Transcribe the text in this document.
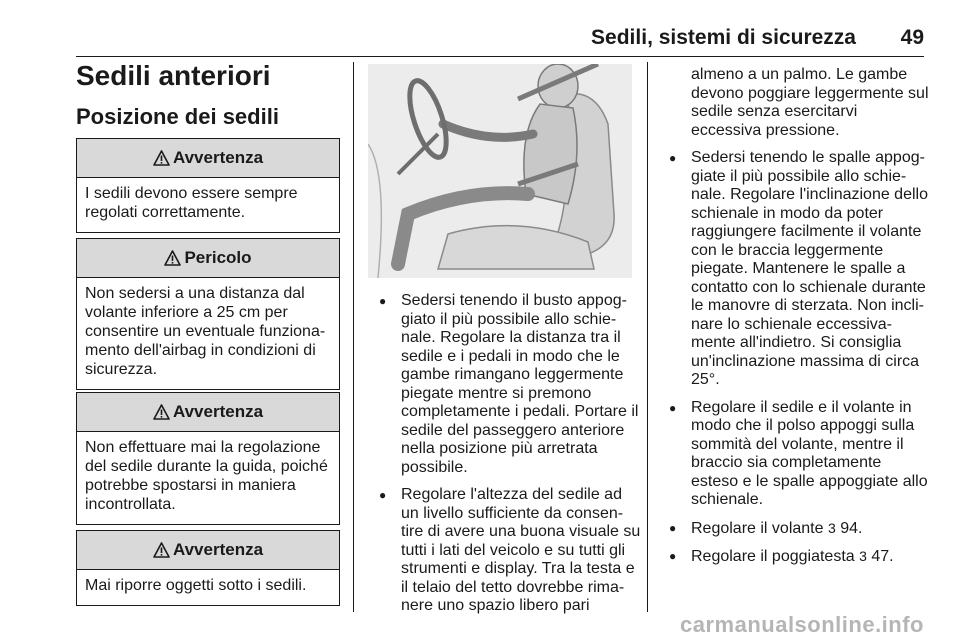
Sedili, sistemi di sicurezza 49
Sedili anteriori
Posizione dei sedili
Avvertenza
I sedili devono essere sempre regolati correttamente.
Pericolo
Non sedersi a una distanza dal volante inferiore a 25 cm per consentire un eventuale funziona-mento dell'airbag in condizioni di sicurezza.
Avvertenza
Non effettuare mai la regolazione del sedile durante la guida, poiché potrebbe spostarsi in maniera incontrollata.
Avvertenza
Mai riporre oggetti sotto i sedili.
● Sedersi tenendo il busto appog-giato il più possibile allo schie-nale. Regolare la distanza tra il sedile e i pedali in modo che le gambe rimangano leggermente piegate mentre si premono completamente i pedali. Portare il sedile del passeggero anteriore nella posizione più arretrata possibile.
● Regolare l'altezza del sedile ad un livello sufficiente da consen-tire di avere una buona visuale su tutti i lati del veicolo e su tutti gli strumenti e display. Tra la testa e il telaio del tetto dovrebbe rima-nere uno spazio libero pari
almeno a un palmo. Le gambe devono poggiare leggermente sul sedile senza esercitarvi eccessiva pressione.
● Sedersi tenendo le spalle appog-giate il più possibile allo schie-nale. Regolare l'inclinazione dello schienale in modo da poter raggiungere facilmente il volante con le braccia leggermente piegate. Mantenere le spalle a contatto con lo schienale durante le manovre di sterzata. Non incli-nare lo schienale eccessiva-mente all'indietro. Si consiglia un'inclinazione massima di circa 25°.
● Regolare il sedile e il volante in modo che il polso appoggi sulla sommità del volante, mentre il braccio sia completamente esteso e le spalle appoggiate allo schienale.
● Regolare il volante 3 94.
● Regolare il poggiatesta 3 47.
carmanualsonline.info
